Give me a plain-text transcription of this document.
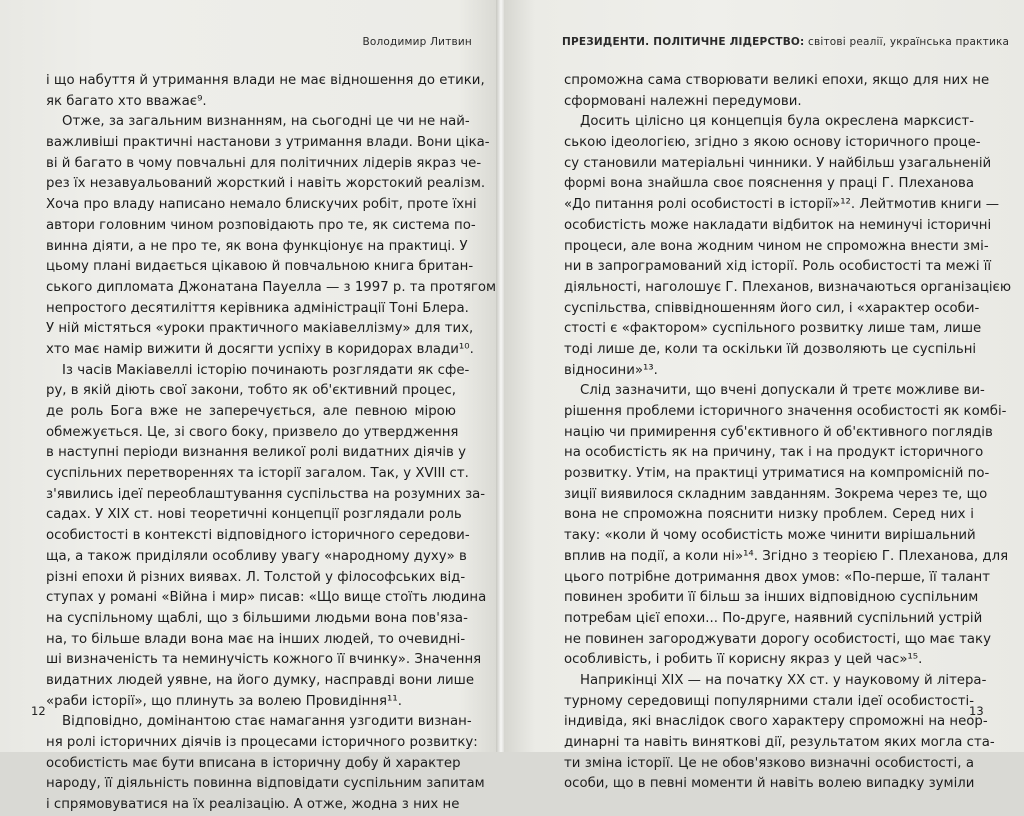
Володимир Литвин
і що набуття й утримання влади не має відношення до етики,
як багато хто вважає⁹.
Отже, за загальним визнанням, на сьогодні це чи не най-
важливіші практичні настанови з утримання влади. Вони ціка-
ві й багато в чому повчальні для політичних лідерів якраз че-
рез їх незавуальований жорсткий і навіть жорстокий реалізм.
Хоча про владу написано немало блискучих робіт, проте їхні
автори головним чином розповідають про те, як система по-
винна діяти, а не про те, як вона функціонує на практиці. У
цьому плані видається цікавою й повчальною книга британ-
ського дипломата Джонатана Пауелла — з 1997 р. та протягом
непростого десятиліття керівника адміністрації Тоні Блера.
У ній містяться «уроки практичного макіавеллізму» для тих,
хто має намір вижити й досягти успіху в коридорах влади¹⁰.
Із часів Макіавеллі історію починають розглядати як сфе-
ру, в якій діють свої закони, тобто як об'єктивний процес,
де роль Бога вже не заперечується, але певною мірою
обмежується. Це, зі свого боку, призвело до утвердження
в наступні періоди визнання великої ролі видатних діячів у
суспільних перетвореннях та історії загалом. Так, у XVIII ст.
з'явились ідеї переоблаштування суспільства на розумних за-
садах. У XIX ст. нові теоретичні концепції розглядали роль
особистості в контексті відповідного історичного середови-
ща, а також приділяли особливу увагу «народному духу» в
різні епохи й різних виявах. Л. Толстой у філософських від-
ступах у романі «Війна і мир» писав: «Що вище стоїть людина
на суспільному щаблі, що з більшими людьми вона пов'яза-
на, то більше влади вона має на інших людей, то очевидні-
ші визначеність та неминучість кожного її вчинку». Значення
видатних людей уявне, на його думку, насправді вони лише
«раби історії», що плинуть за волею Провидіння¹¹.
Відповідно, домінантою стає намагання узгодити визнан-
ня ролі історичних діячів із процесами історичного розвитку:
особистість має бути вписана в історичну добу й характер
народу, її діяльність повинна відповідати суспільним запитам
і спрямовуватися на їх реалізацію. А отже, жодна з них не
12
ПРЕЗИДЕНТИ. ПОЛІТИЧНЕ ЛІДЕРСТВО: світові реалії, українська практика
спроможна сама створювати великі епохи, якщо для них не
сформовані належні передумови.
Досить цілісно ця концепція була окреслена марксист-
ською ідеологією, згідно з якою основу історичного проце-
су становили матеріальні чинники. У найбільш узагальненій
формі вона знайшла своє пояснення у праці Г. Плеханова
«До питання ролі особистості в історії»¹². Лейтмотив книги —
особистість може накладати відбиток на неминучі історичні
процеси, але вона жодним чином не спроможна внести змі-
ни в запрограмований хід історії. Роль особистості та межі її
діяльності, наголошує Г. Плеханов, визначаються організацією
суспільства, співвідношенням його сил, і «характер особи-
стості є «фактором» суспільного розвитку лише там, лише
тоді лише де, коли та оскільки їй дозволяють це суспільні
відносини»¹³.
Слід зазначити, що вчені допускали й третє можливе ви-
рішення проблеми історичного значення особистості як комбі-
націю чи примирення суб'єктивного й об'єктивного поглядів
на особистість як на причину, так і на продукт історичного
розвитку. Утім, на практиці утриматися на компромісній по-
зиції виявилося складним завданням. Зокрема через те, що
вона не спроможна пояснити низку проблем. Серед них і
таку: «коли й чому особистість може чинити вирішальний
вплив на події, а коли ні»¹⁴. Згідно з теорією Г. Плеханова, для
цього потрібне дотримання двох умов: «По-перше, її талант
повинен зробити її більш за інших відповідною суспільним
потребам цієї епохи... По-друге, наявний суспільний устрій
не повинен загороджувати дорогу особистості, що має таку
особливість, і робить її корисну якраз у цей час»¹⁵.
Наприкінці XIX — на початку XX ст. у науковому й літера-
турному середовищі популярними стали ідеї особистості-
індивіда, які внаслідок свого характеру спроможні на неор-
динарні та навіть виняткові дії, результатом яких могла ста-
ти зміна історії. Це не обов'язково визначні особистості, а
особи, що в певні моменти й навіть волею випадку зуміли
13
